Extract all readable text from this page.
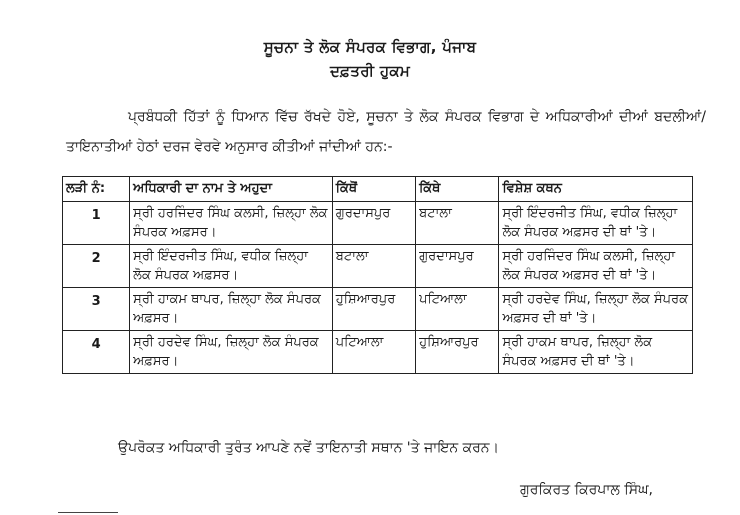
ਸੂਚਨਾ ਤੇ ਲੋਕ ਸੰਪਰਕ ਵਿਭਾਗ, ਪੰਜਾਬ
ਦਫ਼ਤਰੀ ਹੁਕਮ
ਪ੍ਰਬੰਧਕੀ ਹਿੱਤਾਂ ਨੂੰ ਧਿਆਨ ਵਿੱਚ ਰੱਖਦੇ ਹੋਏ, ਸੂਚਨਾ ਤੇ ਲੋਕ ਸੰਪਰਕ ਵਿਭਾਗ ਦੇ ਅਧਿਕਾਰੀਆਂ ਦੀਆਂ ਬਦਲੀਆਂ/ਤਾਇਨਾਤੀਆਂ ਹੇਠਾਂ ਦਰਜ ਵੇਰਵੇ ਅਨੁਸਾਰ ਕੀਤੀਆਂ ਜਾਂਦੀਆਂ ਹਨ:-
ਲੜੀ ਨੰ:	ਅਧਿਕਾਰੀ ਦਾ ਨਾਮ ਤੇ ਅਹੁਦਾ	ਕਿੱਥੋਂ	ਕਿੱਥੇ	ਵਿਸ਼ੇਸ਼ ਕਥਨ
1	ਸ੍ਰੀ ਹਰਜਿੰਦਰ ਸਿੰਘ ਕਲਸੀ, ਜ਼ਿਲ੍ਹਾ ਲੋਕ ਸੰਪਰਕ ਅਫ਼ਸਰ।	ਗੁਰਦਾਸਪੁਰ	ਬਟਾਲਾ	ਸ੍ਰੀ ਇੰਦਰਜੀਤ ਸਿੰਘ, ਵਧੀਕ ਜ਼ਿਲ੍ਹਾ ਲੋਕ ਸੰਪਰਕ ਅਫ਼ਸਰ ਦੀ ਥਾਂ 'ਤੇ।
2	ਸ੍ਰੀ ਇੰਦਰਜੀਤ ਸਿੰਘ, ਵਧੀਕ ਜ਼ਿਲ੍ਹਾ ਲੋਕ ਸੰਪਰਕ ਅਫ਼ਸਰ।	ਬਟਾਲਾ	ਗੁਰਦਾਸਪੁਰ	ਸ੍ਰੀ ਹਰਜਿੰਦਰ ਸਿੰਘ ਕਲਸੀ, ਜ਼ਿਲ੍ਹਾ ਲੋਕ ਸੰਪਰਕ ਅਫ਼ਸਰ ਦੀ ਥਾਂ 'ਤੇ।
3	ਸ੍ਰੀ ਹਾਕਮ ਥਾਪਰ, ਜ਼ਿਲ੍ਹਾ ਲੋਕ ਸੰਪਰਕ ਅਫ਼ਸਰ।	ਹੁਸ਼ਿਆਰਪੁਰ	ਪਟਿਆਲਾ	ਸ੍ਰੀ ਹਰਦੇਵ ਸਿੰਘ, ਜ਼ਿਲ੍ਹਾ ਲੋਕ ਸੰਪਰਕ ਅਫ਼ਸਰ ਦੀ ਥਾਂ 'ਤੇ।
4	ਸ੍ਰੀ ਹਰਦੇਵ ਸਿੰਘ, ਜ਼ਿਲ੍ਹਾ ਲੋਕ ਸੰਪਰਕ ਅਫ਼ਸਰ।	ਪਟਿਆਲਾ	ਹੁਸ਼ਿਆਰਪੁਰ	ਸ੍ਰੀ ਹਾਕਮ ਥਾਪਰ, ਜ਼ਿਲ੍ਹਾ ਲੋਕ ਸੰਪਰਕ ਅਫ਼ਸਰ ਦੀ ਥਾਂ 'ਤੇ।
ਉਪਰੋਕਤ ਅਧਿਕਾਰੀ ਤੁਰੰਤ ਆਪਣੇ ਨਵੇਂ ਤਾਇਨਾਤੀ ਸਥਾਨ 'ਤੇ ਜਾਇਨ ਕਰਨ।
ਗੁਰਕਿਰਤ ਕਿਰਪਾਲ ਸਿੰਘ,
